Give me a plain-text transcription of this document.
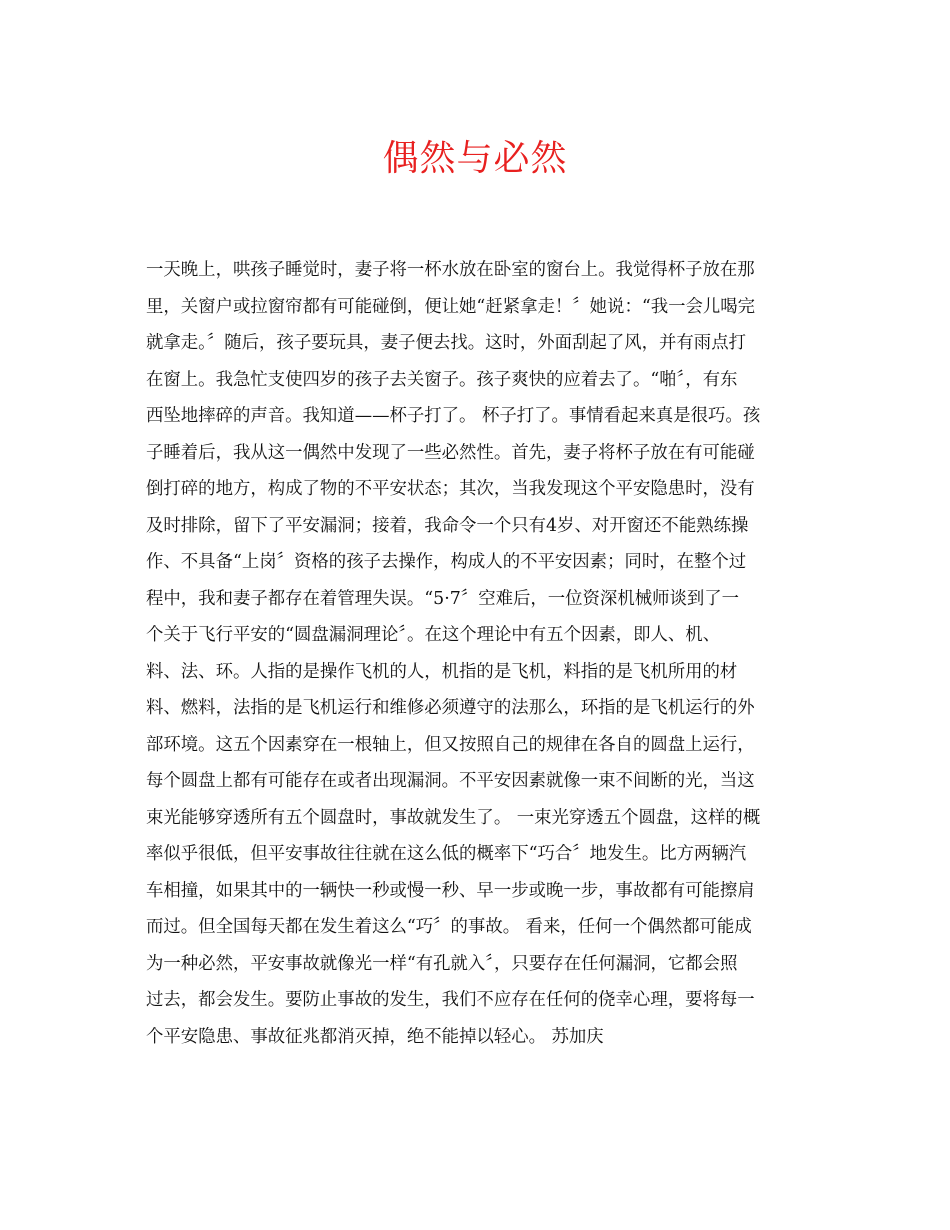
偶然与必然
一天晚上，哄孩子睡觉时，妻子将一杯水放在卧室的窗台上。我觉得杯子放在那
里，关窗户或拉窗帘都有可能碰倒，便让她“赶紧拿走！〞她说：“我一会儿喝完
就拿走。〞随后，孩子要玩具，妻子便去找。这时，外面刮起了风，并有雨点打
在窗上。我急忙支使四岁的孩子去关窗子。孩子爽快的应着去了。“啪〞，有东
西坠地摔碎的声音。我知道——杯子打了。 杯子打了。事情看起来真是很巧。孩
子睡着后，我从这一偶然中发现了一些必然性。首先，妻子将杯子放在有可能碰
倒打碎的地方，构成了物的不平安状态；其次，当我发现这个平安隐患时，没有
及时排除，留下了平安漏洞；接着，我命令一个只有4岁、对开窗还不能熟练操
作、不具备“上岗〞资格的孩子去操作，构成人的不平安因素；同时，在整个过
程中，我和妻子都存在着管理失误。“5·7〞空难后，一位资深机械师谈到了一
个关于飞行平安的“圆盘漏洞理论〞。在这个理论中有五个因素，即人、机、
料、法、环。人指的是操作飞机的人，机指的是飞机，料指的是飞机所用的材
料、燃料，法指的是飞机运行和维修必须遵守的法那么，环指的是飞机运行的外
部环境。这五个因素穿在一根轴上，但又按照自己的规律在各自的圆盘上运行，
每个圆盘上都有可能存在或者出现漏洞。不平安因素就像一束不间断的光，当这
束光能够穿透所有五个圆盘时，事故就发生了。 一束光穿透五个圆盘，这样的概
率似乎很低，但平安事故往往就在这么低的概率下“巧合〞地发生。比方两辆汽
车相撞，如果其中的一辆快一秒或慢一秒、早一步或晚一步，事故都有可能擦肩
而过。但全国每天都在发生着这么“巧〞的事故。 看来，任何一个偶然都可能成
为一种必然，平安事故就像光一样“有孔就入〞，只要存在任何漏洞，它都会照
过去，都会发生。要防止事故的发生，我们不应存在任何的侥幸心理，要将每一
个平安隐患、事故征兆都消灭掉，绝不能掉以轻心。 苏加庆
